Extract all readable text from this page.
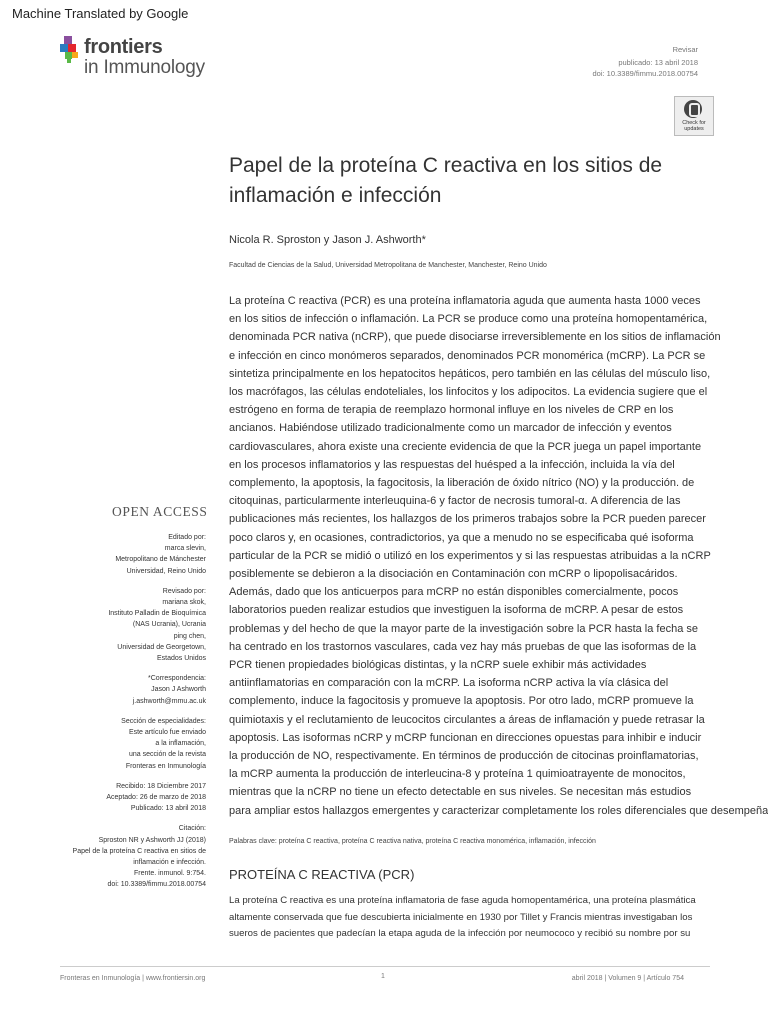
Machine Translated by Google
frontiers
in Immunology
Revisar
publicado: 13 abril 2018
doi: 10.3389/fimmu.2018.00754
Check for updates
Papel de la proteína C reactiva en los sitios de inflamación e infección
Nicola R. Sproston y Jason J. Ashworth*
Facultad de Ciencias de la Salud, Universidad Metropolitana de Manchester, Manchester, Reino Unido
La proteína C reactiva (PCR) es una proteína inflamatoria aguda que aumenta hasta 1000 veces
en los sitios de infección o inflamación. La PCR se produce como una proteína homopentamérica,
denominada PCR nativa (nCRP), que puede disociarse irreversiblemente en los sitios de inflamación
e infección en cinco monómeros separados, denominados PCR monomérica (mCRP). La PCR se
sintetiza principalmente en los hepatocitos hepáticos, pero también en las células del músculo liso,
los macrófagos, las células endoteliales, los linfocitos y los adipocitos. La evidencia sugiere que el
estrógeno en forma de terapia de reemplazo hormonal influye en los niveles de CRP en los
ancianos. Habiéndose utilizado tradicionalmente como un marcador de infección y eventos
cardiovasculares, ahora existe una creciente evidencia de que la PCR juega un papel importante
en los procesos inflamatorios y las respuestas del huésped a la infección, incluida la vía del
complemento, la apoptosis, la fagocitosis, la liberación de óxido nítrico (NO) y la producción. de
citoquinas, particularmente interleuquina-6 y factor de necrosis tumoral-α. A diferencia de las
publicaciones más recientes, los hallazgos de los primeros trabajos sobre la PCR pueden parecer
poco claros y, en ocasiones, contradictorios, ya que a menudo no se especificaba qué isoforma
particular de la PCR se midió o utilizó en los experimentos y si las respuestas atribuidas a la nCRP
posiblemente se debieron a la disociación en Contaminación con mCRP o lipopolisacáridos.
Además, dado que los anticuerpos para mCRP no están disponibles comercialmente, pocos
laboratorios pueden realizar estudios que investiguen la isoforma de mCRP. A pesar de estos
problemas y del hecho de que la mayor parte de la investigación sobre la PCR hasta la fecha se
ha centrado en los trastornos vasculares, cada vez hay más pruebas de que las isoformas de la
PCR tienen propiedades biológicas distintas, y la nCRP suele exhibir más actividades
antiinflamatorias en comparación con la mCRP. La isoforma nCRP activa la vía clásica del
complemento, induce la fagocitosis y promueve la apoptosis. Por otro lado, mCRP promueve la
quimiotaxis y el reclutamiento de leucocitos circulantes a áreas de inflamación y puede retrasar la
apoptosis. Las isoformas nCRP y mCRP funcionan en direcciones opuestas para inhibir e inducir
la producción de NO, respectivamente. En términos de producción de citocinas proinflamatorias,
la mCRP aumenta la producción de interleucina-8 y proteína 1 quimioatrayente de monocitos,
mientras que la nCRP no tiene un efecto detectable en sus niveles. Se necesitan más estudios
para ampliar estos hallazgos emergentes y caracterizar completamente los roles diferenciales que desempeña
OPEN ACCESS
Editado por:
marca slevin,
Metropolitano de Mánchester
Universidad, Reino Unido
Revisado por:
mariana skok,
Instituto Palladin de Bioquímica
(NAS Ucrania), Ucrania
ping chen,
Universidad de Georgetown,
Estados Unidos
*Correspondencia:
Jason J Ashworth
j.ashworth@mmu.ac.uk
Sección de especialidades:
Este artículo fue enviado
a la inflamación,
una sección de la revista
Fronteras en Inmunología
Recibido: 18 Diciembre 2017
Aceptado: 26 de marzo de 2018
Publicado: 13 abril 2018
Citación:
Sproston NR y Ashworth JJ (2018)
Papel de la proteína C reactiva en sitios de
inflamación e infección.
Frente. inmunol. 9:754.
doi: 10.3389/fimmu.2018.00754
Palabras clave: proteína C reactiva, proteína C reactiva nativa, proteína C reactiva monomérica, inflamación, infección
PROTEÍNA C REACTIVA (PCR)
La proteína C reactiva es una proteína inflamatoria de fase aguda homopentamérica, una proteína plasmática
altamente conservada que fue descubierta inicialmente en 1930 por Tillet y Francis mientras investigaban los
sueros de pacientes que padecían la etapa aguda de la infección por neumococo y recibió su nombre por su
Fronteras en Inmunología | www.frontiersin.org	1	abril 2018 | Volumen 9 | Artículo 754
